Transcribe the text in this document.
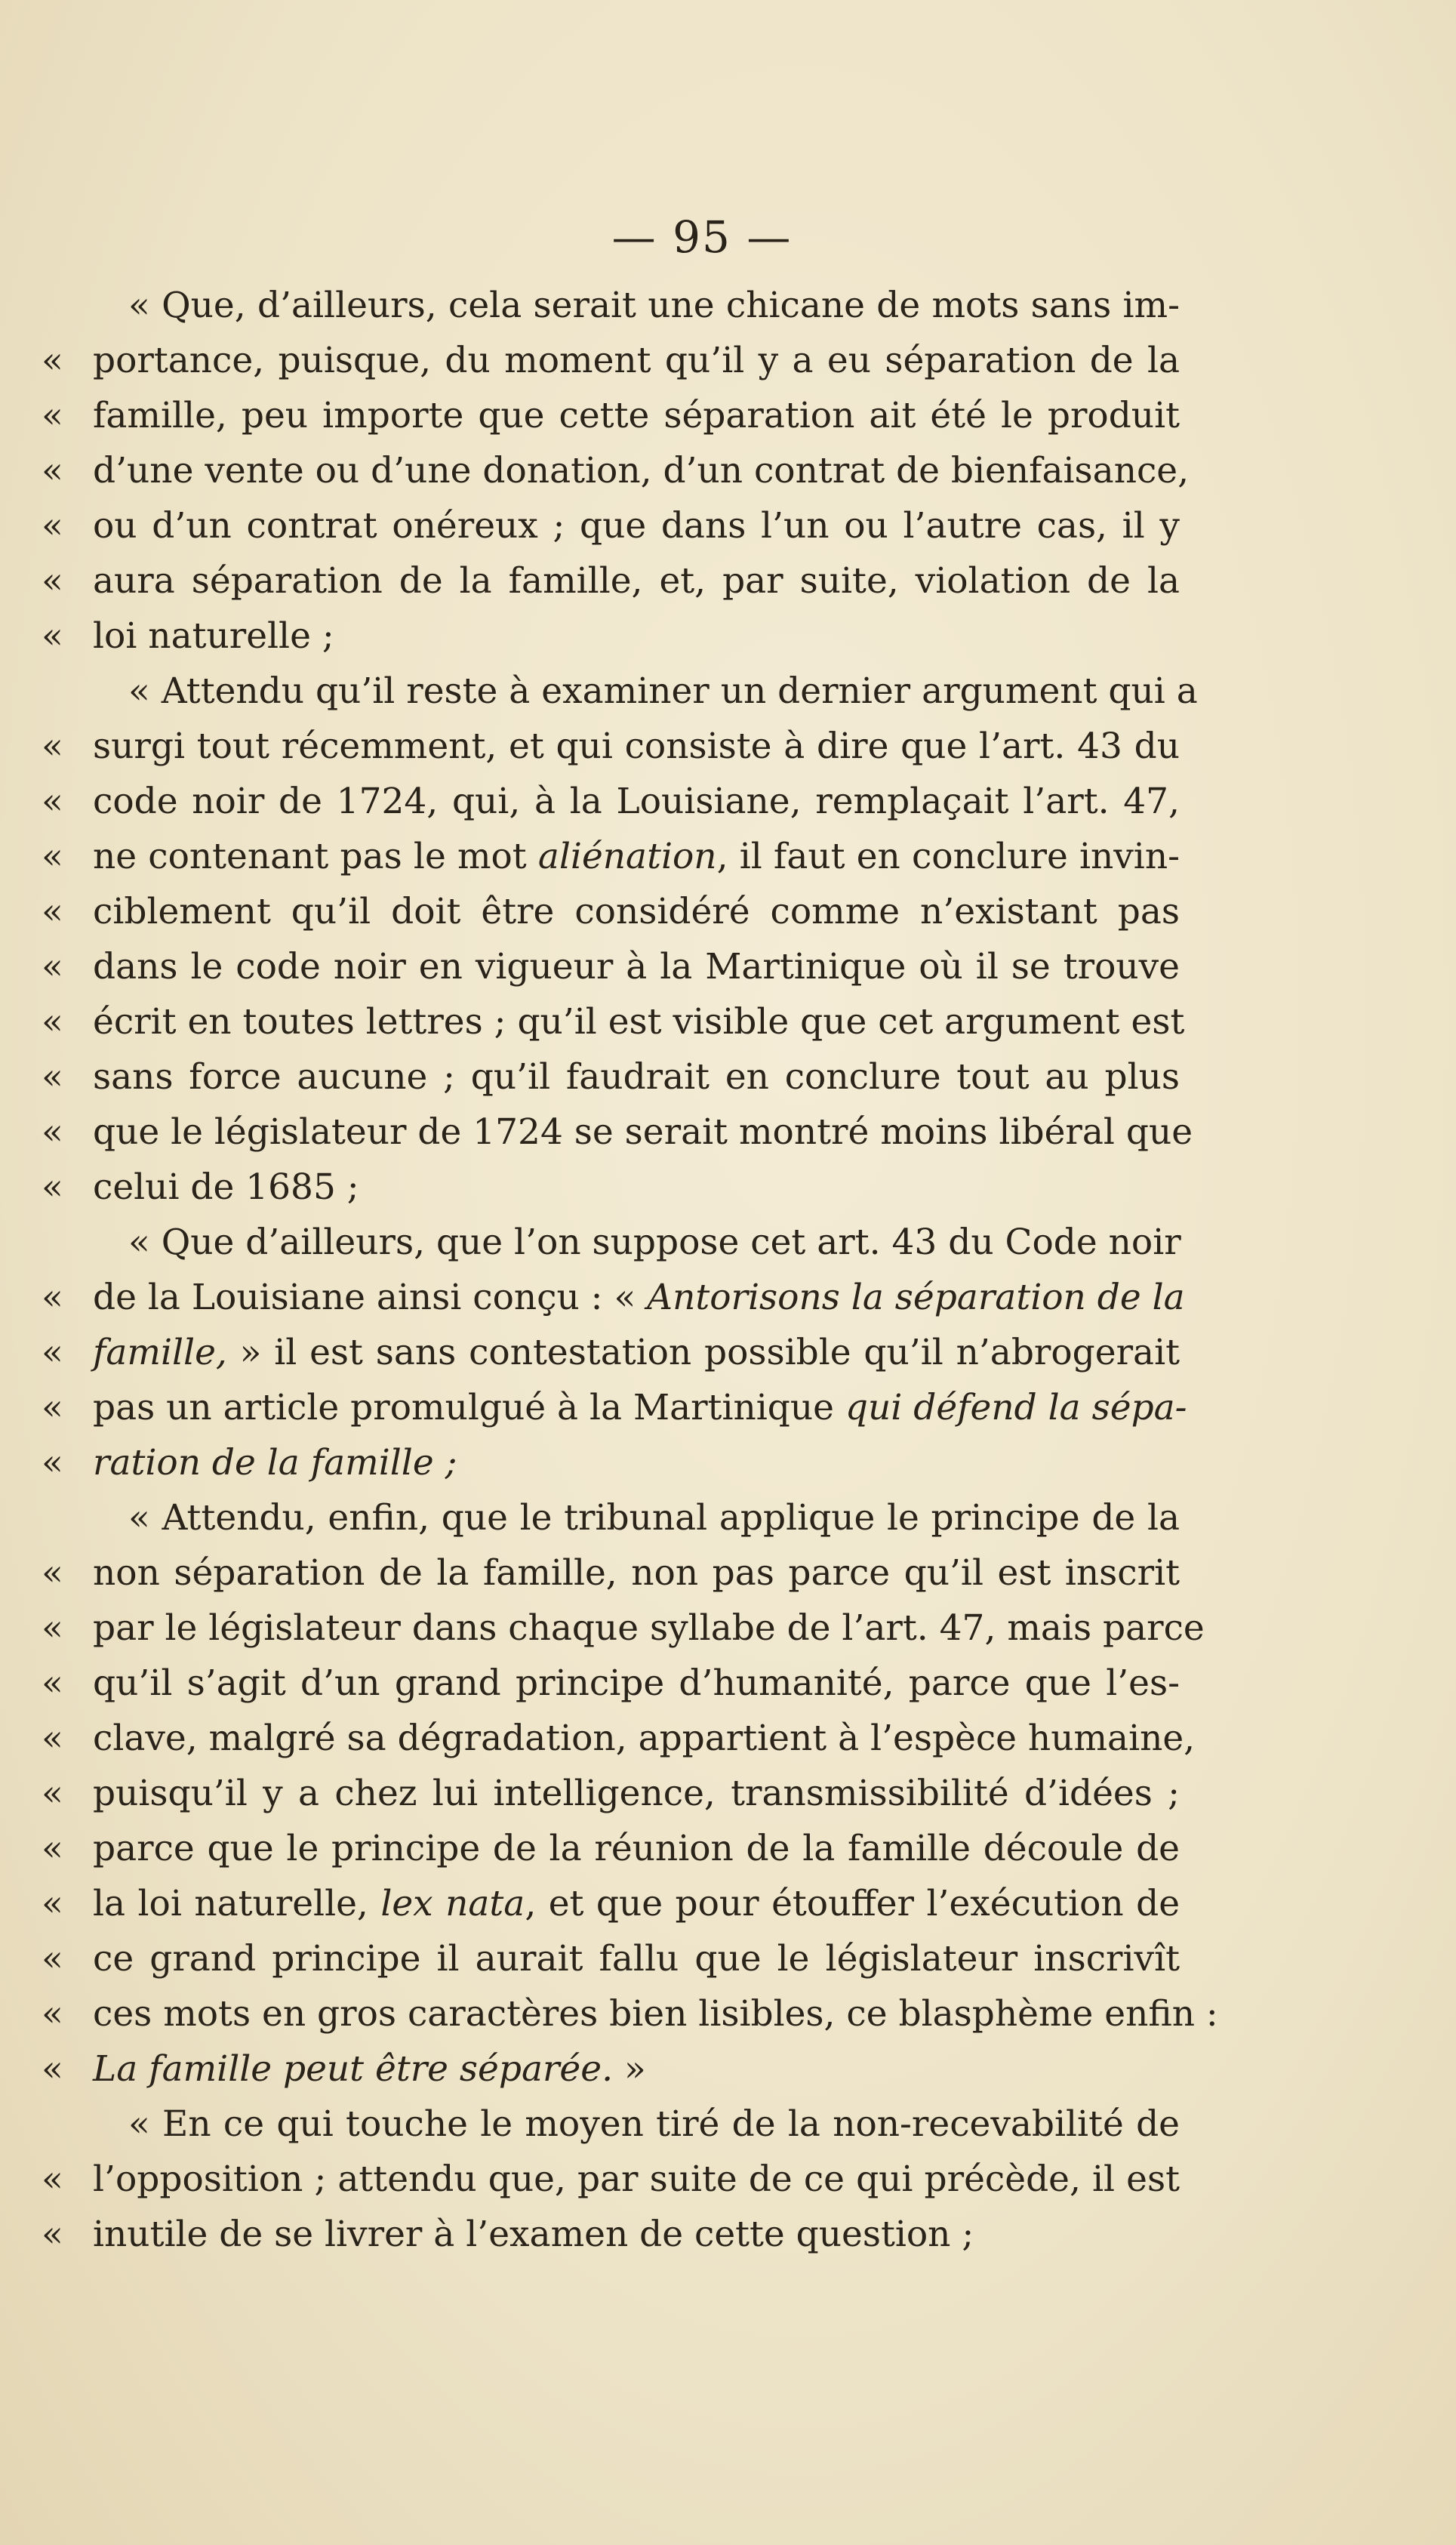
— 95 —
« Que, d’ailleurs, cela serait une chicane de mots sans im-
« portance, puisque, du moment qu’il y a eu séparation de la
« famille, peu importe que cette séparation ait été le produit
« d’une vente ou d’une donation, d’un contrat de bienfaisance,
« ou d’un contrat onéreux ; que dans l’un ou l’autre cas, il y
« aura séparation de la famille, et, par suite, violation de la
« loi naturelle ;
« Attendu qu’il reste à examiner un dernier argument qui a
« surgi tout récemment, et qui consiste à dire que l’art. 43 du
« code noir de 1724, qui, à la Louisiane, remplaçait l’art. 47,
« ne contenant pas le mot aliénation, il faut en conclure invin-
« ciblement qu’il doit être considéré comme n’existant pas
« dans le code noir en vigueur à la Martinique où il se trouve
« écrit en toutes lettres ; qu’il est visible que cet argument est
« sans force aucune ; qu’il faudrait en conclure tout au plus
« que le législateur de 1724 se serait montré moins libéral que
« celui de 1685 ;
« Que d’ailleurs, que l’on suppose cet art. 43 du Code noir
« de la Louisiane ainsi conçu : « Antorisons la séparation de la
« famille, » il est sans contestation possible qu’il n’abrogerait
« pas un article promulgué à la Martinique qui défend la sépa-
« ration de la famille ;
« Attendu, enfin, que le tribunal applique le principe de la
« non séparation de la famille, non pas parce qu’il est inscrit
« par le législateur dans chaque syllabe de l’art. 47, mais parce
« qu’il s’agit d’un grand principe d’humanité, parce que l’es-
« clave, malgré sa dégradation, appartient à l’espèce humaine,
« puisqu’il y a chez lui intelligence, transmissibilité d’idées ;
« parce que le principe de la réunion de la famille découle de
« la loi naturelle, lex nata, et que pour étouffer l’exécution de
« ce grand principe il aurait fallu que le législateur inscrivît
« ces mots en gros caractères bien lisibles, ce blasphème enfin :
« La famille peut être séparée. »
« En ce qui touche le moyen tiré de la non-recevabilité de
« l’opposition ; attendu que, par suite de ce qui précède, il est
« inutile de se livrer à l’examen de cette question ;
